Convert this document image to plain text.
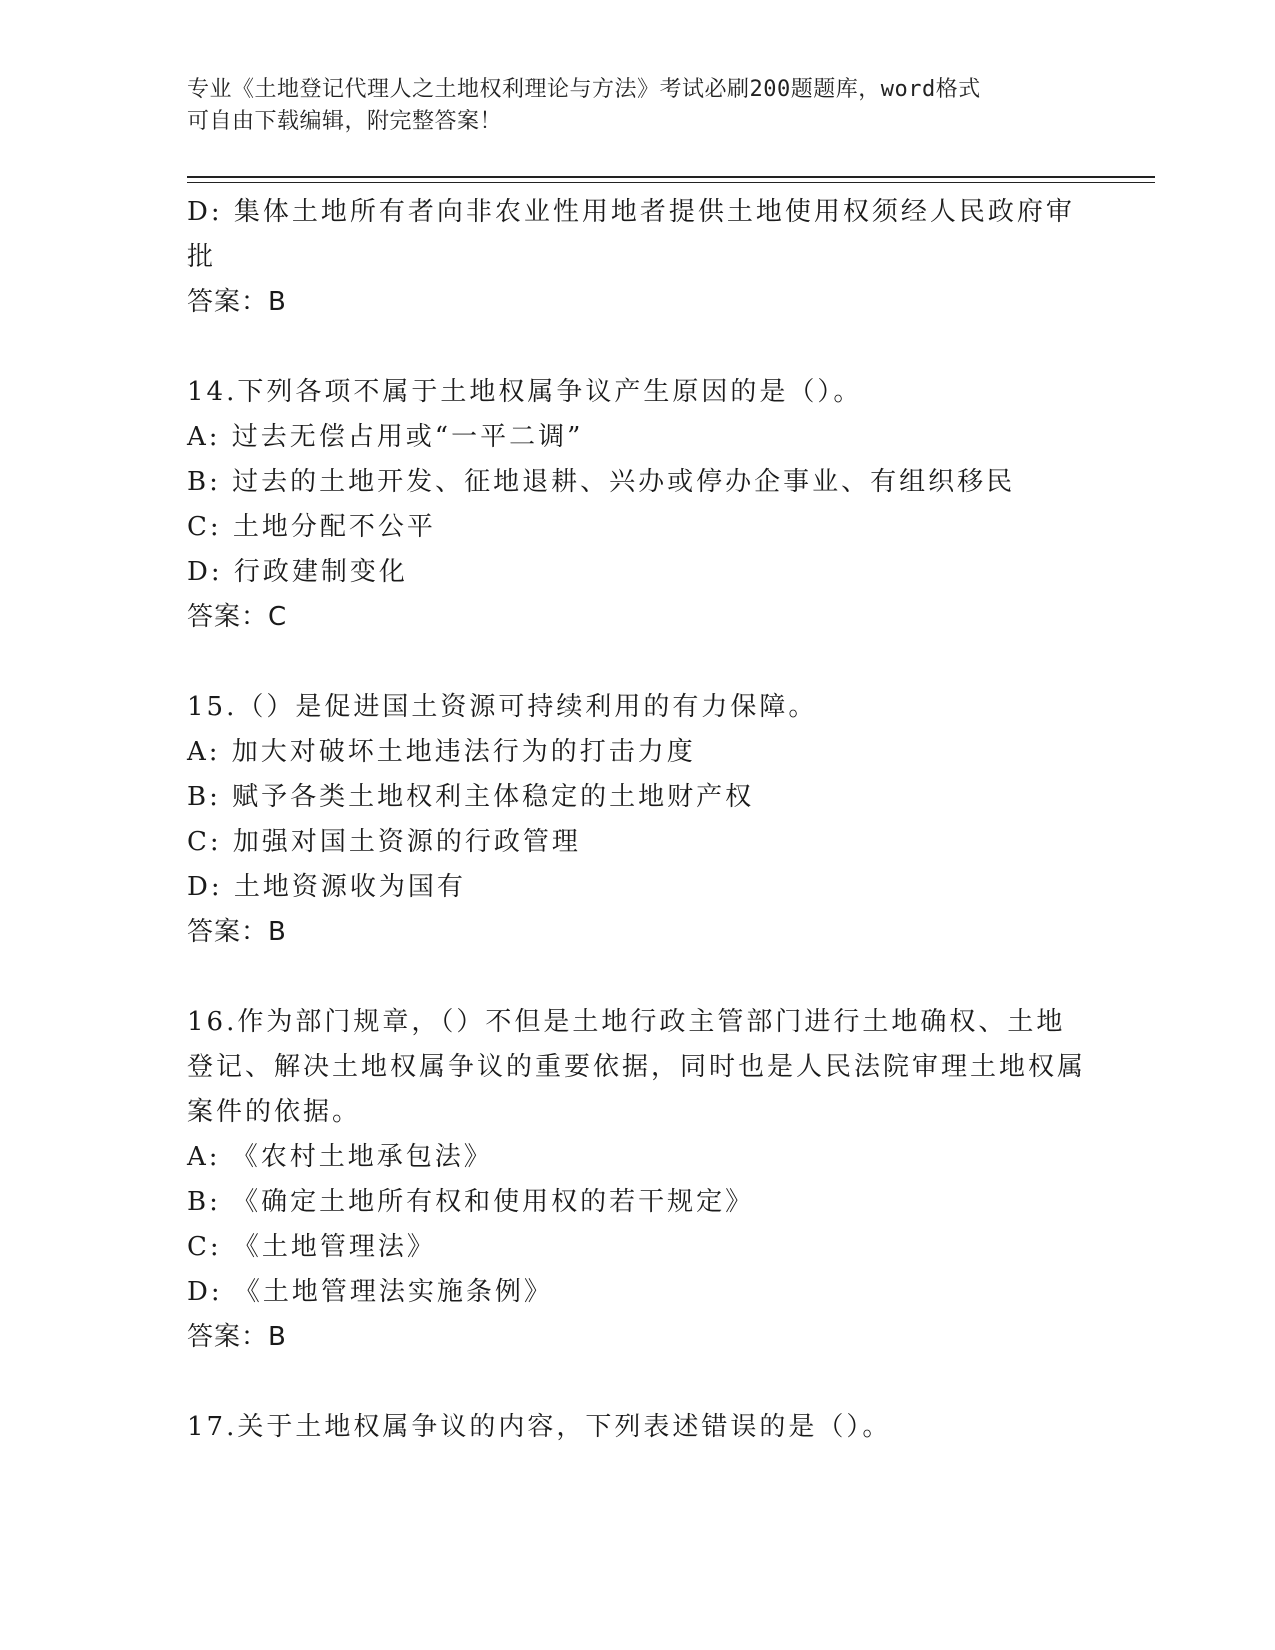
专业《土地登记代理人之土地权利理论与方法》考试必刷200题题库，word格式
可自由下载编辑，附完整答案！
D: 集体土地所有者向非农业性用地者提供土地使用权须经人民政府审批
答案：B
14.下列各项不属于土地权属争议产生原因的是（）。
A: 过去无偿占用或“一平二调”
B: 过去的土地开发、征地退耕、兴办或停办企事业、有组织移民
C: 土地分配不公平
D: 行政建制变化
答案：C
15.（）是促进国土资源可持续利用的有力保障。
A: 加大对破坏土地违法行为的打击力度
B: 赋予各类土地权利主体稳定的土地财产权
C: 加强对国土资源的行政管理
D: 土地资源收为国有
答案：B
16.作为部门规章，（）不但是土地行政主管部门进行土地确权、土地登记、解决土地权属争议的重要依据，同时也是人民法院审理土地权属案件的依据。
A: 《农村土地承包法》
B: 《确定土地所有权和使用权的若干规定》
C: 《土地管理法》
D: 《土地管理法实施条例》
答案：B
17.关于土地权属争议的内容，下列表述错误的是（）。
